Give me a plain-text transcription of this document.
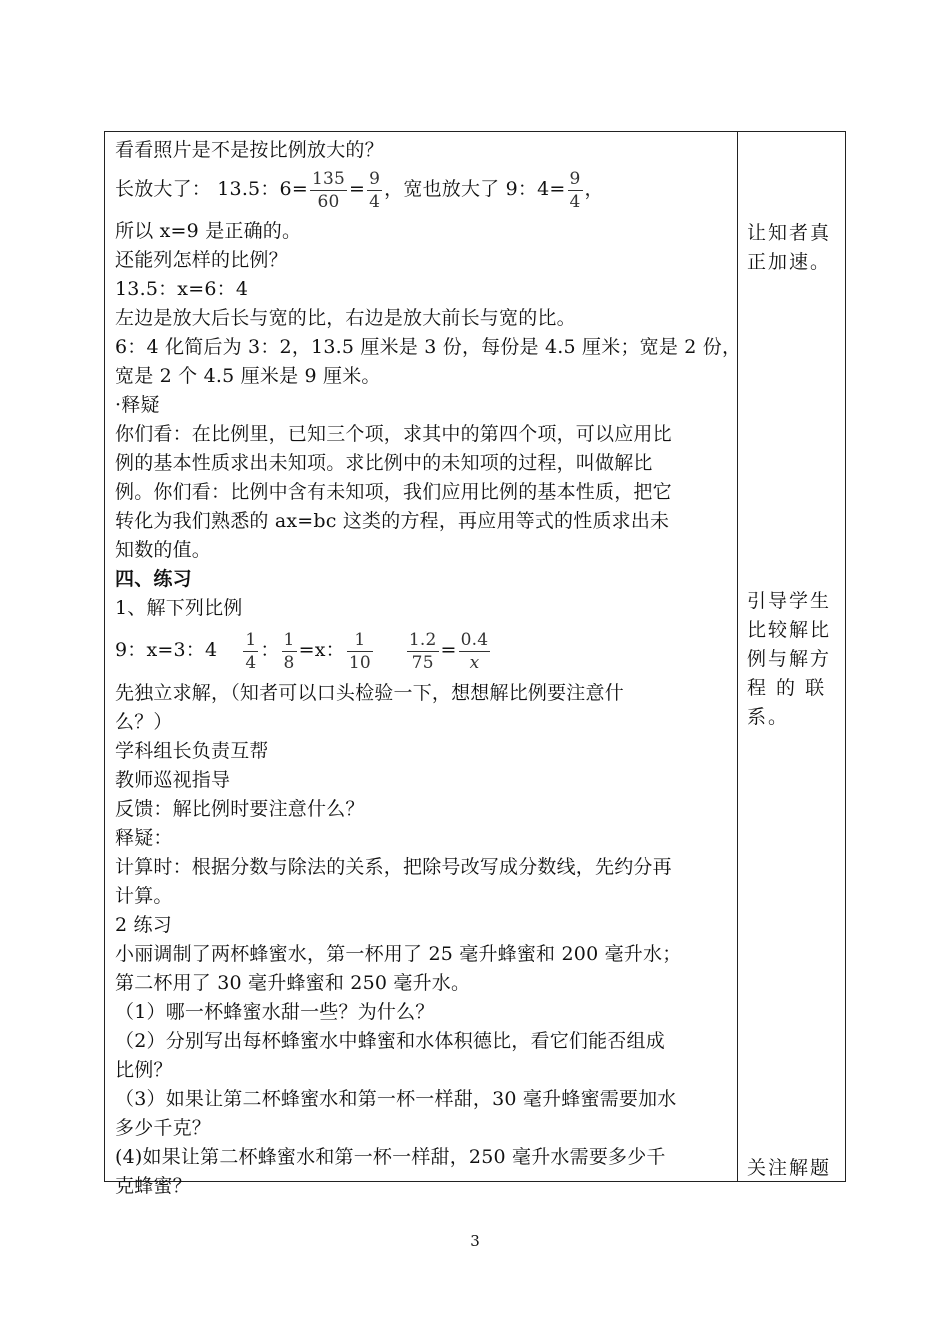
看看照片是不是按比例放大的？
长放大了： 13.5：$6= \frac{135}{60} = \frac{9}{4}$ ，宽也放大了 9：$4= \frac{9}{4}$ ，
所以 x=9 是正确的。
还能列怎样的比例？
13.5：x=6：4
左边是放大后长与宽的比，右边是放大前长与宽的比。
6：4 化简后为 3：2，13.5 厘米是 3 份，每份是 4.5 厘米；宽是 2 份，
宽是 2 个 4.5 厘米是 9 厘米。
·释疑
你们看：在比例里，已知三个项，求其中的第四个项，可以应用比
例的基本性质求出未知项。求比例中的未知项的过程，叫做解比
例。你们看：比例中含有未知项，我们应用比例的基本性质，把它
转化为我们熟悉的 ax=bc 这类的方程，再应用等式的性质求出未
知数的值。
四、练习
1、解下列比例
9：x=3：$4 \frac{1}{4}$ ： $\frac{1}{8} =x$： $\frac{1}{10} \frac{1.2}{75} = \frac{0.4}{x}$
先独立求解，（知者可以口头检验一下，想想解比例要注意什
么？）
学科组长负责互帮
教师巡视指导
反馈：解比例时要注意什么？
释疑：
计算时：根据分数与除法的关系，把除号改写成分数线，先约分再
计算。
2 练习
小丽调制了两杯蜂蜜水，第一杯用了 25 毫升蜂蜜和 200 毫升水；
第二杯用了 30 毫升蜂蜜和 250 毫升水。
（1）哪一杯蜂蜜水甜一些？为什么？
（2）分别写出每杯蜂蜜水中蜂蜜和水体积德比，看它们能否组成
比例？
（3）如果让第二杯蜂蜜水和第一杯一样甜，30 毫升蜂蜜需要加水
多少千克？
(4)如果让第二杯蜂蜜水和第一杯一样甜，250 毫升水需要多少千
克蜂蜜？
让知者真
正加速。
引导学生
比较解比
例与解方
程 的 联
系。
关注解题
3
